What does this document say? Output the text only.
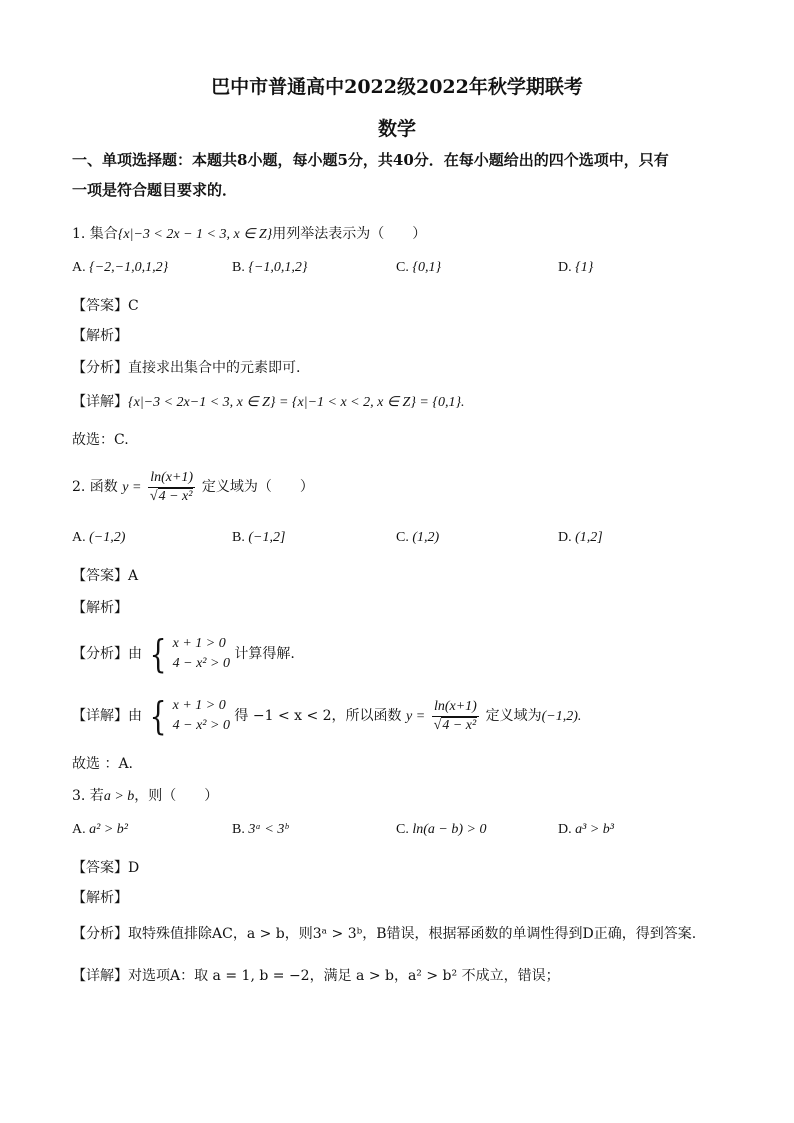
巴中市普通高中2022级2022年秋学期联考
数学
一、单项选择题：本题共8小题，每小题5分，共40分．在每小题给出的四个选项中，只有
一项是符合题目要求的．
1. 集合{x|−3 < 2x − 1 < 3, x ∈ Z}用列举法表示为（　　）
A. {−2,−1,0,1,2}	B. {−1,0,1,2}	C. {0,1}	D. {1}
【答案】C
【解析】
【分析】直接求出集合中的元素即可.
【详解】{x|−3 < 2x−1 < 3, x ∈ Z} = {x|−1 < x < 2, x ∈ Z} = {0,1}.
故选：C.
2. 函数 $y = \frac{\ln(x+1)}{\text{√4 − x²}}$ 定义域为（　　）
A. (−1,2)	B. (−1,2]	C. (1,2)	D. (1,2]
【答案】A
【解析】
【分析】由 { x + 1 > 0
4 − x² > 0
计算得解.
【详解】由 { x + 1 > 0
4 − x² > 0
得 −1 < x < 2，所以函数 $y = \frac{\ln(x+1)}{\text{√4 − x²}}$ 定义域为(−1,2).
故选 ：A.
3. 若a > b，则（　　）
A. a² > b²	B. 3ᵃ < 3ᵇ	C. ln(a − b) > 0	D. a³ > b³
【答案】D
【解析】
【分析】取特殊值排除AC，a > b，则3ᵃ > 3ᵇ，B错误，根据幂函数的单调性得到D正确，得到答案.
【详解】对选项A：取 a = 1, b = −2，满足 a > b，a² > b² 不成立，错误；
